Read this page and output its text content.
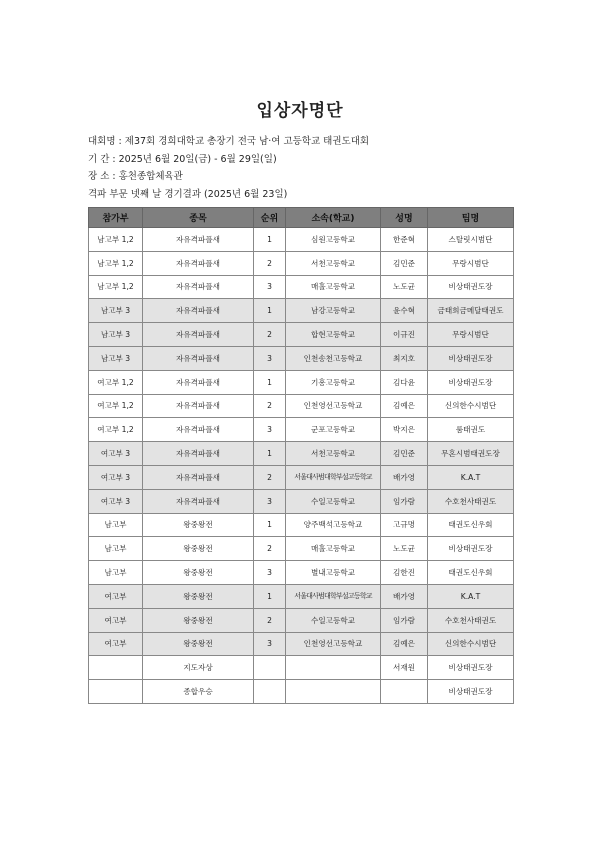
입상자명단
대회명 : 제37회 경희대학교 총장기 전국 남·여 고등학교 태권도대회
기 간 : 2025년 6월 20일(금) - 6월 29일(일)
장 소 : 홍천종합체육관
격파 부문 넷째 날 경기결과 (2025년 6월 23일)
참가부	종목	순위	소속(학교)	성명	팀명
남고부 1,2	자유격파플새	1	심원고등학교	한준혁	스탈릿시범단
남고부 1,2	자유격파플새	2	서천고등학교	김민준	무랑시범단
남고부 1,2	자유격파플새	3	매홀고등학교	노도균	비상태권도장
남고부 3	자유격파플새	1	남강고등학교	윤수혁	금태희금메달태권도
남고부 3	자유격파플새	2	합현고등학교	이규진	무랑시범단
남고부 3	자유격파플새	3	인천송천고등학교	최지호	비상태권도장
여고부 1,2	자유격파플새	1	기흥고등학교	김다윤	비상태권도장
여고부 1,2	자유격파플새	2	인천영선고등학교	김예은	신의한수시범단
여고부 1,2	자유격파플새	3	군포고등학교	박지은	룸태권도
여고부 3	자유격파플새	1	서천고등학교	김민준	무혼시범태권도장
여고부 3	자유격파플새	2	서울대사범대학부설고등학교	배가영	K.A.T
여고부 3	자유격파플새	3	수일고등학교	임가람	수호천사태권도
남고부	왕중왕전	1	양주백석고등학교	고규명	태권도신우회
남고부	왕중왕전	2	매홀고등학교	노도균	비상태권도장
남고부	왕중왕전	3	별내고등학교	김한진	태권도신우회
여고부	왕중왕전	1	서울대사범대학부설고등학교	배가영	K.A.T
여고부	왕중왕전	2	수일고등학교	임가람	수호천사태권도
여고부	왕중왕전	3	인천영선고등학교	김예은	신의한수시범단
	지도자상			서재원	비상태권도장
	종합우승				비상태권도장
